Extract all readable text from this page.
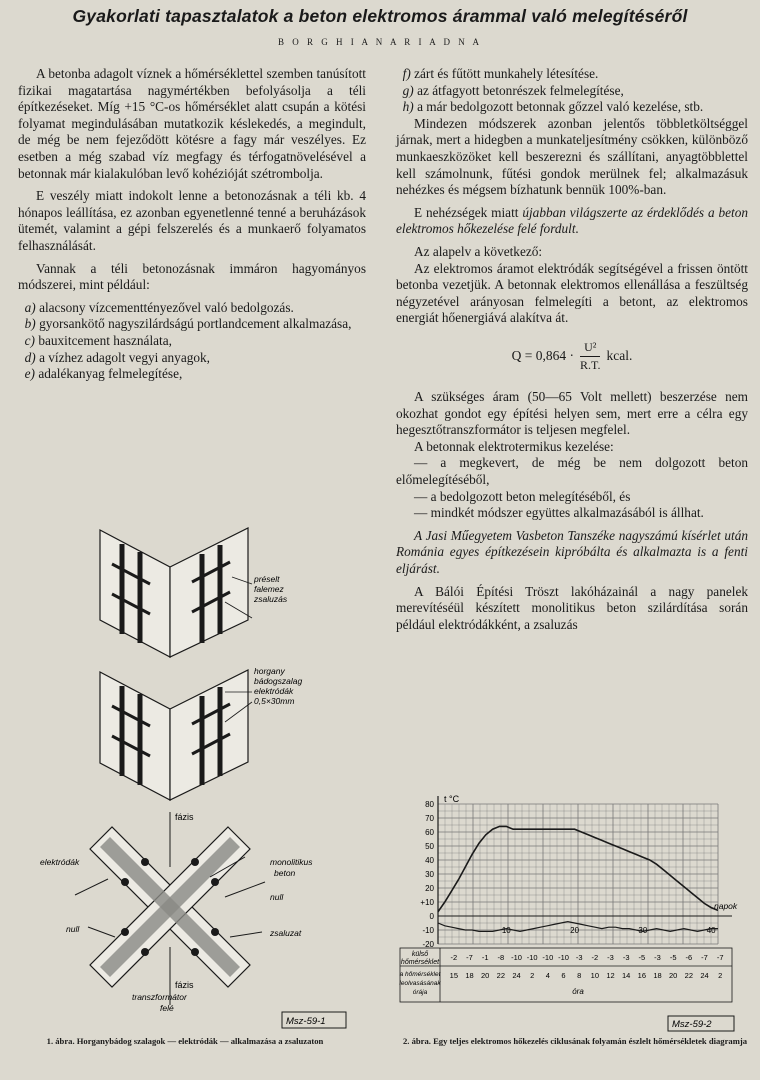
Gyakorlati tapasztalatok a beton elektromos árammal való melegítéséről
B O R G H I A N A R I A D N A

A betonba adagolt víznek a hőmérséklettel szemben tanúsított fizikai magatartása nagymértékben befolyásolja a téli építkezéseket. Míg +15 °C-os hőmérséklet alatt csupán a kötési folyamat megindulásában mutatkozik késlekedés, a megindult, de még be nem fejeződött kötésre a fagy már veszélyes. Ez esetben a még szabad víz megfagy és térfogatnövelésével a betonnak már kialakulóban levő kohézióját szétrombolja.

E veszély miatt indokolt lenne a betonozásnak a téli kb. 4 hónapos leállítása, ez azonban egyenetlenné tenné a beruházások ütemét, valamint a gépi felszerelés és a munkaerő folyamatos felhasználását.

Vannak a téli betonozásnak immáron hagyományos módszerei, mint például:

a) alacsony vízcementtényezővel való bedolgozás.

b) gyorsankötő nagyszilárdságú portlandcement alkalmazása,

c) bauxitcement használata,

d) a vízhez adagolt vegyi anyagok,

e) adalékanyag felmelegítése,

f) zárt és fűtött munkahely létesítése.

g) az átfagyott betonrészek felmelegítése,

h) a már bedolgozott betonnak gőzzel való kezelése, stb.

Mindezen módszerek azonban jelentős többletköltséggel járnak, mert a hidegben a munkateljesítmény csökken, különböző munkaeszközöket kell beszerezni és szállítani, anyagtöbblettel kell számolnunk, fűtési gondok merülnek fel; alkalmazásuk nehézkes és mégsem bízhatunk bennük 100%-ban.

E nehézségek miatt újabban világszerte az érdeklődés a beton elektromos hőkezelése felé fordult.

Az alapelv a következő:

Az elektromos áramot elektródák segítségével a frissen öntött betonba vezetjük. A betonnak elektromos ellenállása a feszültség négyzetével arányosan felmelegíti a betont, az elektromos energiát hőenergiává alakítva át.

$Q = 0,864 \cdot \frac{\text{U²}}{R.T.}$ kcal.

A szükséges áram (50—65 Volt mellett) beszerzése nem okozhat gondot egy építési helyen sem, mert erre a célra egy hegesztőtranszformátor is teljesen megfelel.

A betonnak elektrotermikus kezelése:

— a megkevert, de még be nem dolgozott beton előmelegítéséből,

— a bedolgozott beton melegítéséből, és

— mindkét módszer együttes alkalmazásából is állhat.

A Jasi Műegyetem Vasbeton Tanszéke nagyszámú kísérlet után Románia egyes építkezésein kipróbálta és alkalmazta is a fenti eljárást.

A Bálói Építési Tröszt lakóházainál a nagy panelek merevítéséül készített monolitikus beton szilárdítása során például elektródákként, a zsaluzás

préselt
falemez
zsaluzás
horgany
bádogszalag
elektródák
0,5×30mm
fázis
elektródák	monolitikus
beton
null
null
zsaluzat
fázis
transzformátor
felé
Msz-59-1
t °C
-20
-10
0
+10
20
30
40
50
60
70
80
10	20	30	40
napok
külső
hőmérséklet
a hőmérséklet
leolvasásának
órája
-2 -7 -1 -8 -10 -10 -10 -10 -3 -2 -3 -3 -5 -3 -5 -6 -7 -7
15 18 20 22 24 2 4 6 8 10 12 14 16 18 20 22 24 2
óra
Msz-59-2
1. ábra. Horganybádog szalagok — elektródák — alkalmazása a zsaluzaton	2. ábra. Egy teljes elektromos hőkezelés ciklusának folyamán észlelt hőmérsékletek diagramja
